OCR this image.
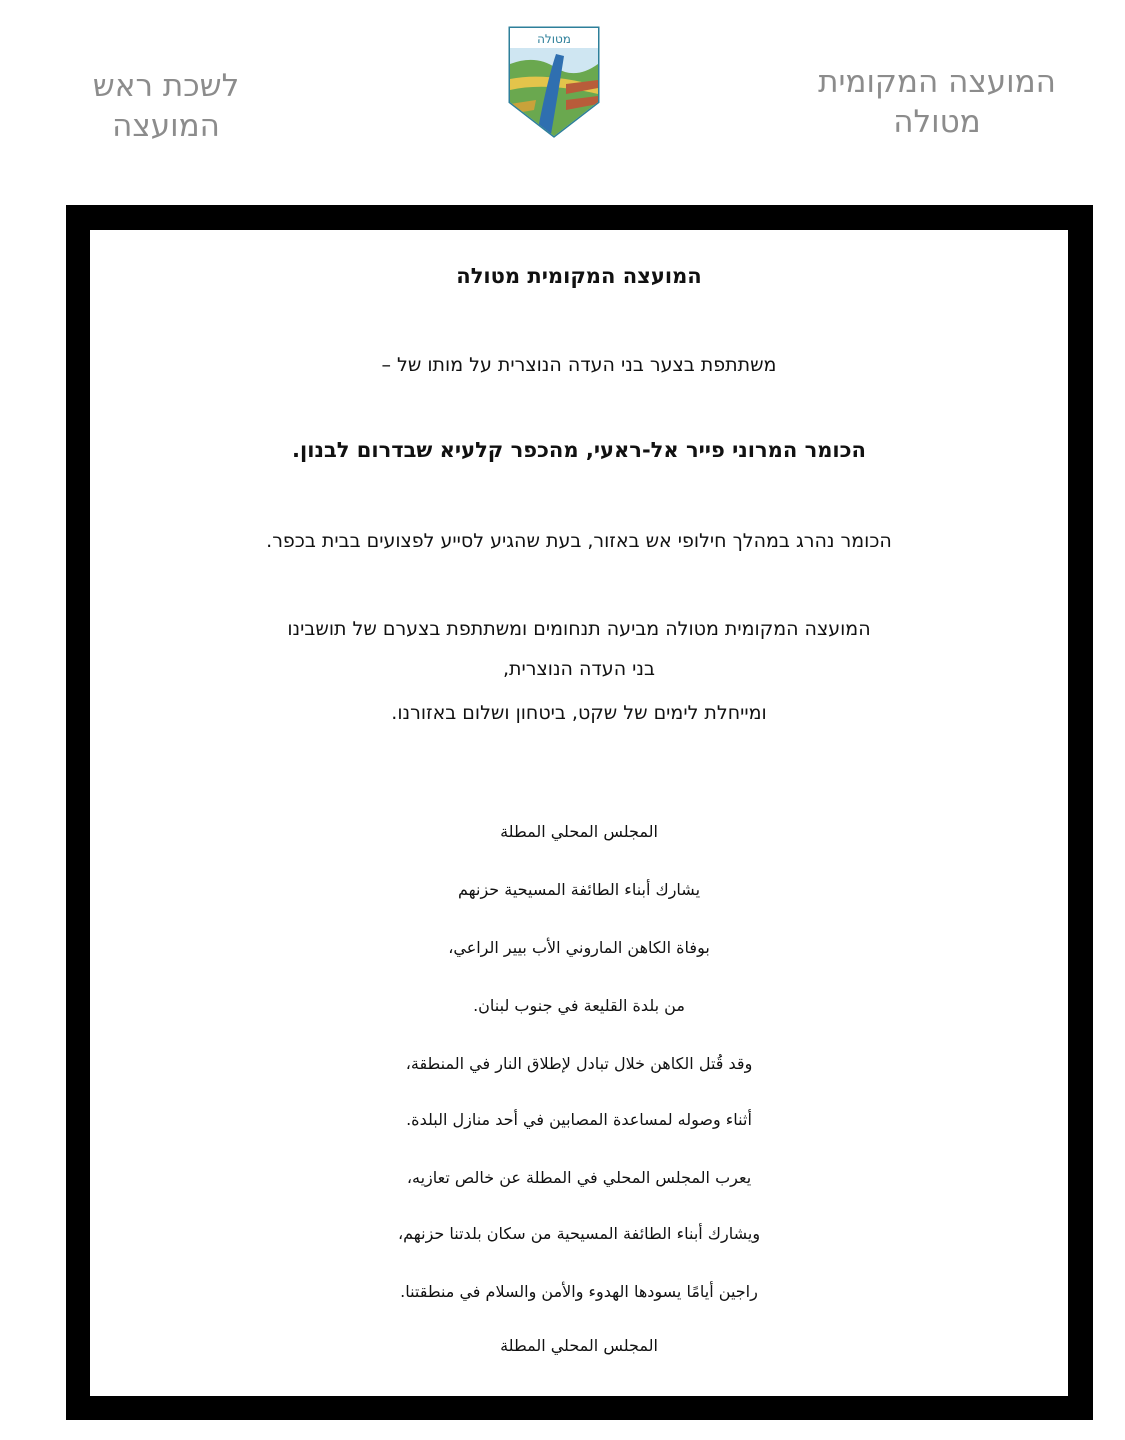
המועצה המקומית
מטולה
מטולה
לשכת ראש המועצה
המועצה המקומית מטולה
משתתפת בצער בני העדה הנוצרית על מותו של –
הכומר המרוני פייר אל-ראעי, מהכפר קלעיא שבדרום לבנון.
הכומר נהרג במהלך חילופי אש באזור, בעת שהגיע לסייע לפצועים בבית בכפר.
המועצה המקומית מטולה מביעה תנחומים ומשתתפת בצערם של תושבינו
בני העדה הנוצרית,
ומייחלת לימים של שקט, ביטחון ושלום באזורנו.
المجلس المحلي المطلة
يشارك أبناء الطائفة المسيحية حزنهم
بوفاة الكاهن الماروني الأب بيير الراعي،
من بلدة القليعة في جنوب لبنان.
وقد قُتل الكاهن خلال تبادل لإطلاق النار في المنطقة،
أثناء وصوله لمساعدة المصابين في أحد منازل البلدة.
يعرب المجلس المحلي في المطلة عن خالص تعازيه،
ويشارك أبناء الطائفة المسيحية من سكان بلدتنا حزنهم،
راجين أيامًا يسودها الهدوء والأمن والسلام في منطقتنا.
المجلس المحلي المطلة
